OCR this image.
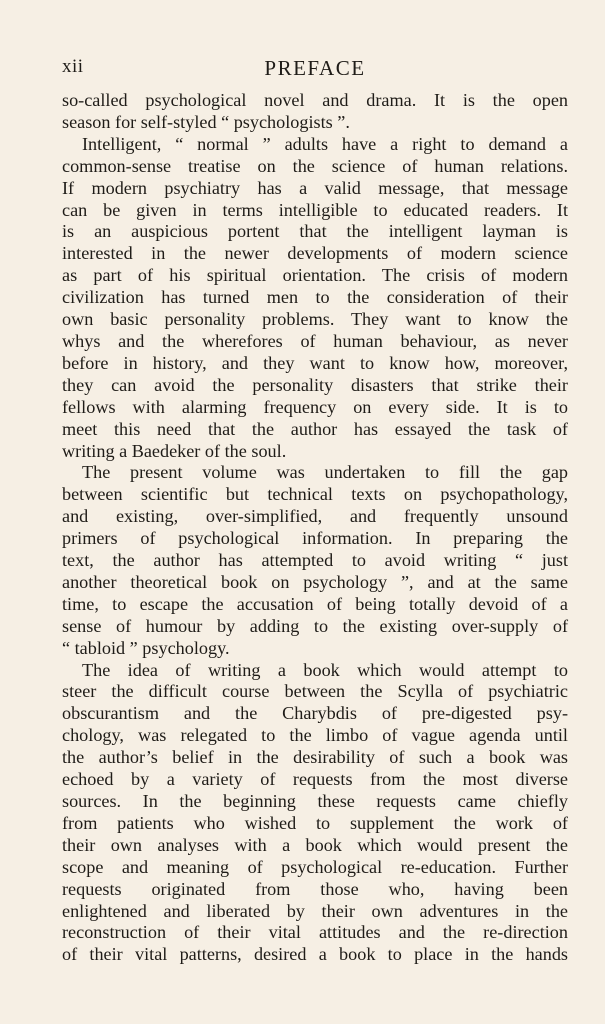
xii	PREFACE
so-called psychological novel and drama. It is the open
season for self-styled “ psychologists ”.
Intelligent, “ normal ” adults have a right to demand a
common-sense treatise on the science of human relations.
If modern psychiatry has a valid message, that message
can be given in terms intelligible to educated readers. It
is an auspicious portent that the intelligent layman is
interested in the newer developments of modern science
as part of his spiritual orientation. The crisis of modern
civilization has turned men to the consideration of their
own basic personality problems. They want to know the
whys and the wherefores of human behaviour, as never
before in history, and they want to know how, moreover,
they can avoid the personality disasters that strike their
fellows with alarming frequency on every side. It is to
meet this need that the author has essayed the task of
writing a Baedeker of the soul.
The present volume was undertaken to fill the gap
between scientific but technical texts on psychopathology,
and existing, over-simplified, and frequently unsound
primers of psychological information. In preparing the
text, the author has attempted to avoid writing “ just
another theoretical book on psychology ”, and at the same
time, to escape the accusation of being totally devoid of a
sense of humour by adding to the existing over-supply of
“ tabloid ” psychology.
The idea of writing a book which would attempt to
steer the difficult course between the Scylla of psychiatric
obscurantism and the Charybdis of pre-digested psy-
chology, was relegated to the limbo of vague agenda until
the author’s belief in the desirability of such a book was
echoed by a variety of requests from the most diverse
sources. In the beginning these requests came chiefly
from patients who wished to supplement the work of
their own analyses with a book which would present the
scope and meaning of psychological re-education. Further
requests originated from those who, having been
enlightened and liberated by their own adventures in the
reconstruction of their vital attitudes and the re-direction
of their vital patterns, desired a book to place in the hands
